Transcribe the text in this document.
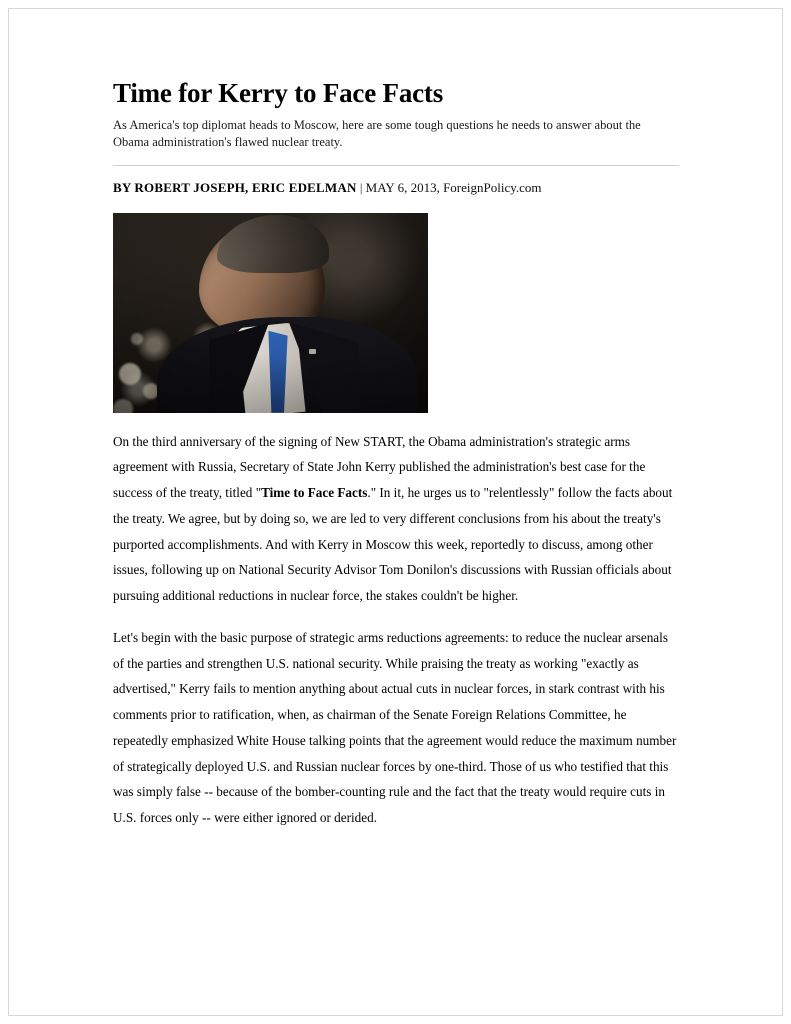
Time for Kerry to Face Facts

As America's top diplomat heads to Moscow, here are some tough questions he needs to answer about the Obama administration's flawed nuclear treaty.

BY ROBERT JOSEPH, ERIC EDELMAN | MAY 6, 2013, ForeignPolicy.com

On the third anniversary of the signing of New START, the Obama administration's strategic arms agreement with Russia, Secretary of State John Kerry published the administration's best case for the success of the treaty, titled "Time to Face Facts." In it, he urges us to "relentlessly" follow the facts about the treaty. We agree, but by doing so, we are led to very different conclusions from his about the treaty's purported accomplishments. And with Kerry in Moscow this week, reportedly to discuss, among other issues, following up on National Security Advisor Tom Donilon's discussions with Russian officials about pursuing additional reductions in nuclear force, the stakes couldn't be higher.

Let's begin with the basic purpose of strategic arms reductions agreements: to reduce the nuclear arsenals of the parties and strengthen U.S. national security. While praising the treaty as working "exactly as advertised," Kerry fails to mention anything about actual cuts in nuclear forces, in stark contrast with his comments prior to ratification, when, as chairman of the Senate Foreign Relations Committee, he repeatedly emphasized White House talking points that the agreement would reduce the maximum number of strategically deployed U.S. and Russian nuclear forces by one-third. Those of us who testified that this was simply false -- because of the bomber-counting rule and the fact that the treaty would require cuts in U.S. forces only -- were either ignored or derided.
